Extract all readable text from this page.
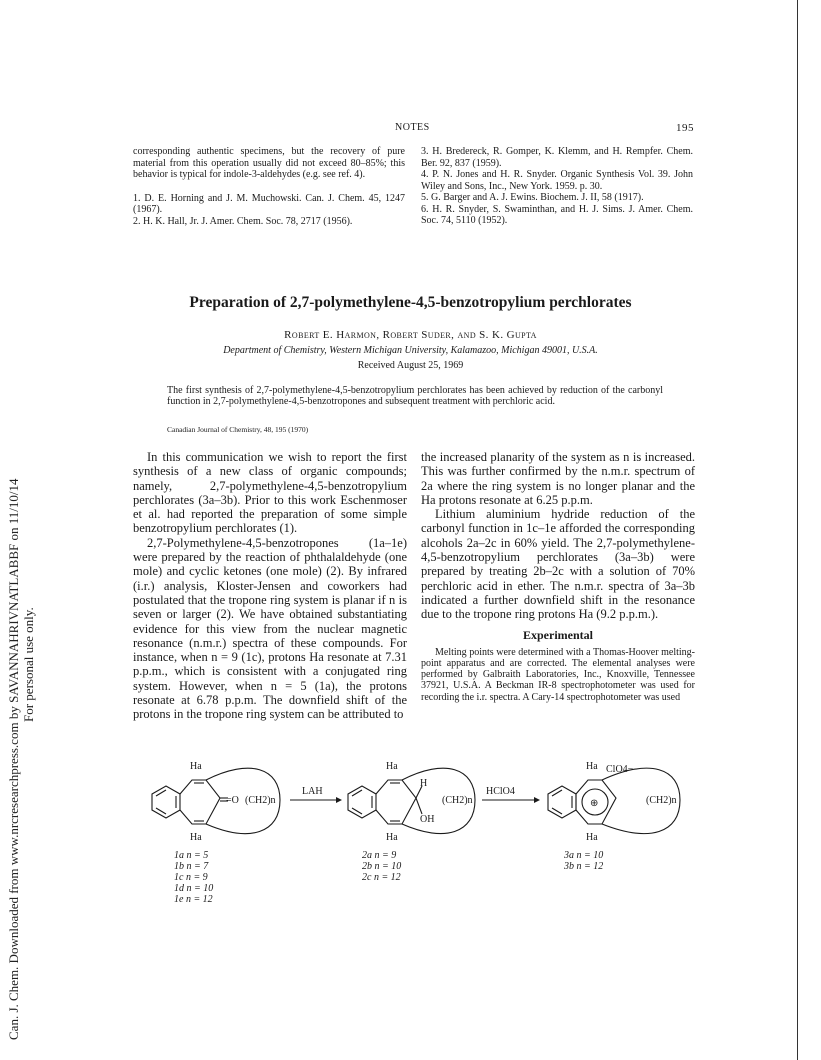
Can. J. Chem. Downloaded from www.nrcresearchpress.com by SAVANNAHRIVNATLABBF on 11/10/14 For personal use only.
NOTES	195
corresponding authentic specimens, but the recovery of pure material from this operation usually did not exceed 80–85%; this behavior is typical for indole-3-aldehydes (e.g. see ref. 4).
1. D. E. Horning and J. M. Muchowski. Can. J. Chem. 45, 1247 (1967).
2. H. K. Hall, Jr. J. Amer. Chem. Soc. 78, 2717 (1956).
3. H. Bredereck, R. Gomper, K. Klemm, and H. Rempfer. Chem. Ber. 92, 837 (1959).
4. P. N. Jones and H. R. Snyder. Organic Synthesis Vol. 39. John Wiley and Sons, Inc., New York. 1959. p. 30.
5. G. Barger and A. J. Ewins. Biochem. J. II, 58 (1917).
6. H. R. Snyder, S. Swaminthan, and H. J. Sims. J. Amer. Chem. Soc. 74, 5110 (1952).
Preparation of 2,7-polymethylene-4,5-benzotropylium perchlorates
Robert E. Harmon, Robert Suder, and S. K. Gupta
Department of Chemistry, Western Michigan University, Kalamazoo, Michigan 49001, U.S.A.
Received August 25, 1969
The first synthesis of 2,7-polymethylene-4,5-benzotropylium perchlorates has been achieved by reduction of the carbonyl function in 2,7-polymethylene-4,5-benzotropones and subsequent treatment with perchloric acid.
Canadian Journal of Chemistry, 48, 195 (1970)

In this communication we wish to report the first synthesis of a new class of organic compounds; namely, 2,7-polymethylene-4,5-benzotropylium perchlorates (3a–3b). Prior to this work Eschenmoser et al. had reported the preparation of some simple benzotropylium perchlorates (1).

2,7-Polymethylene-4,5-benzotropones (1a–1e) were prepared by the reaction of phthalaldehyde (one mole) and cyclic ketones (one mole) (2). By infrared (i.r.) analysis, Kloster-Jensen and coworkers had postulated that the tropone ring system is planar if n is seven or larger (2). We have obtained substantiating evidence for this view from the nuclear magnetic resonance (n.m.r.) spectra of these compounds. For instance, when n = 9 (1c), protons Ha resonate at 7.31 p.p.m., which is consistent with a conjugated ring system. However, when n = 5 (1a), the protons resonate at 6.78 p.p.m. The downfield shift of the protons in the tropone ring system can be attributed to

the increased planarity of the system as n is increased. This was further confirmed by the n.m.r. spectrum of 2a where the ring system is no longer planar and the Ha protons resonate at 6.25 p.p.m.

Lithium aluminium hydride reduction of the carbonyl function in 1c–1e afforded the corresponding alcohols 2a–2c in 60% yield. The 2,7-polymethylene-4,5-benzotropylium perchlorates (3a–3b) were prepared by treating 2b–2c with a solution of 70% perchloric acid in ether. The n.m.r. spectra of 3a–3b indicated a further downfield shift in the resonance due to the tropone ring protons Ha (9.2 p.p.m.).

Experimental

Melting points were determined with a Thomas-Hoover melting-point apparatus and are corrected. The elemental analyses were performed by Galbraith Laboratories, Inc., Knoxville, Tennessee 37921, U.S.A. A Beckman IR-8 spectrophotometer was used for recording the i.r. spectra. A Cary-14 spectrophotometer was used

Ha
Ha
=O (CH2)n
LAH
Ha
Ha
H
OH
(CH2)n
HClO4
⊕
Ha ClO4−
Ha
(CH2)n
1a n = 5
1b n = 7
1c n = 9
1d n = 10
1e n = 12
2a n = 9
2b n = 10
2c n = 12
3a n = 10
3b n = 12
